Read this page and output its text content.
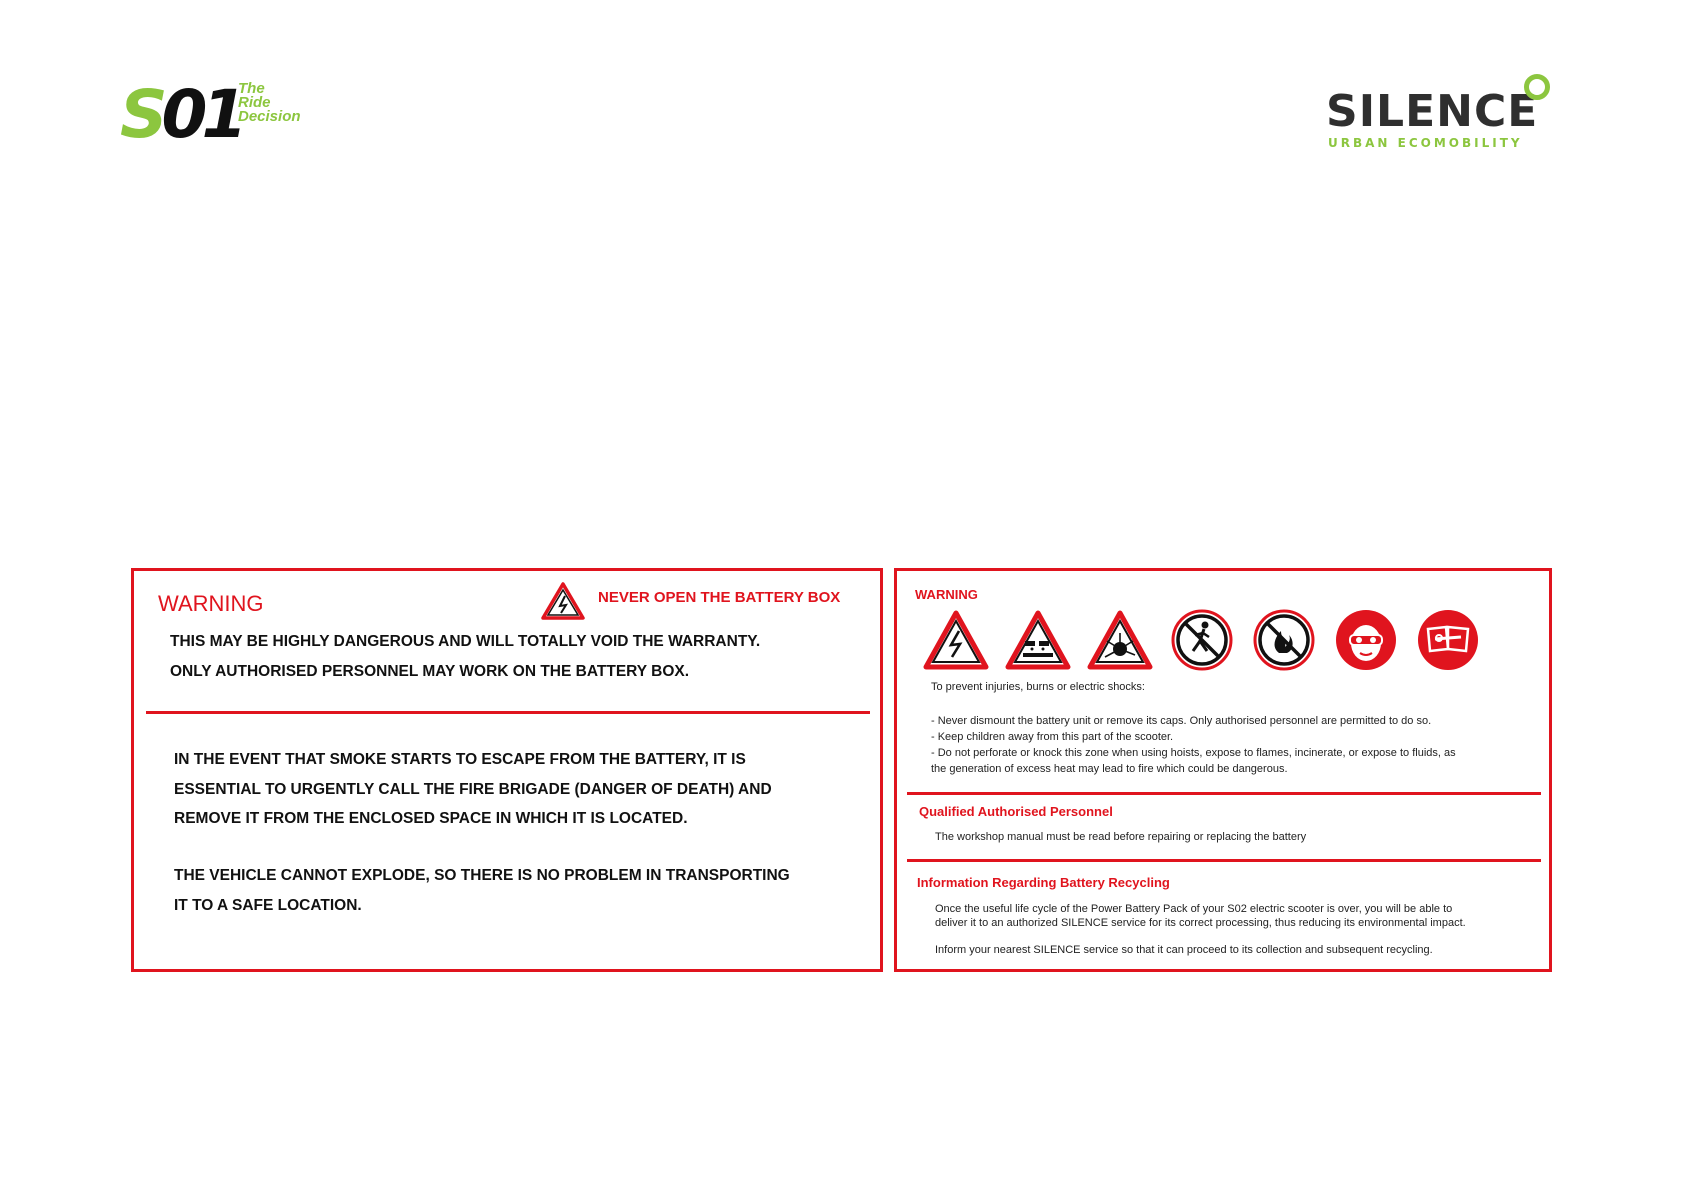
S01
The
Ride
Decision	SILENCE
URBAN ECOMOBILITY
WARNING	NEVER OPEN THE BATTERY BOX
THIS MAY BE HIGHLY DANGEROUS AND WILL TOTALLY VOID THE WARRANTY.
ONLY AUTHORISED PERSONNEL MAY WORK ON THE BATTERY BOX.
IN THE EVENT THAT SMOKE STARTS TO ESCAPE FROM THE BATTERY, IT IS
ESSENTIAL TO URGENTLY CALL THE FIRE BRIGADE (DANGER OF DEATH) AND
REMOVE IT FROM THE ENCLOSED SPACE IN WHICH IT IS LOCATED.
THE VEHICLE CANNOT EXPLODE, SO THERE IS NO PROBLEM IN TRANSPORTING
IT TO A SAFE LOCATION.
WARNING
To prevent injuries, burns or electric shocks:
- Never dismount the battery unit or remove its caps. Only authorised personnel are permitted to do so.
- Keep children away from this part of the scooter.
- Do not perforate or knock this zone when using hoists, expose to flames, incinerate, or expose to fluids, as
the generation of excess heat may lead to fire which could be dangerous.
Qualified Authorised Personnel
The workshop manual must be read before repairing or replacing the battery
Information Regarding Battery Recycling
Once the useful life cycle of the Power Battery Pack of your S02 electric scooter is over, you will be able to
deliver it to an authorized SILENCE service for its correct processing, thus reducing its environmental impact.
Inform your nearest SILENCE service so that it can proceed to its collection and subsequent recycling.
